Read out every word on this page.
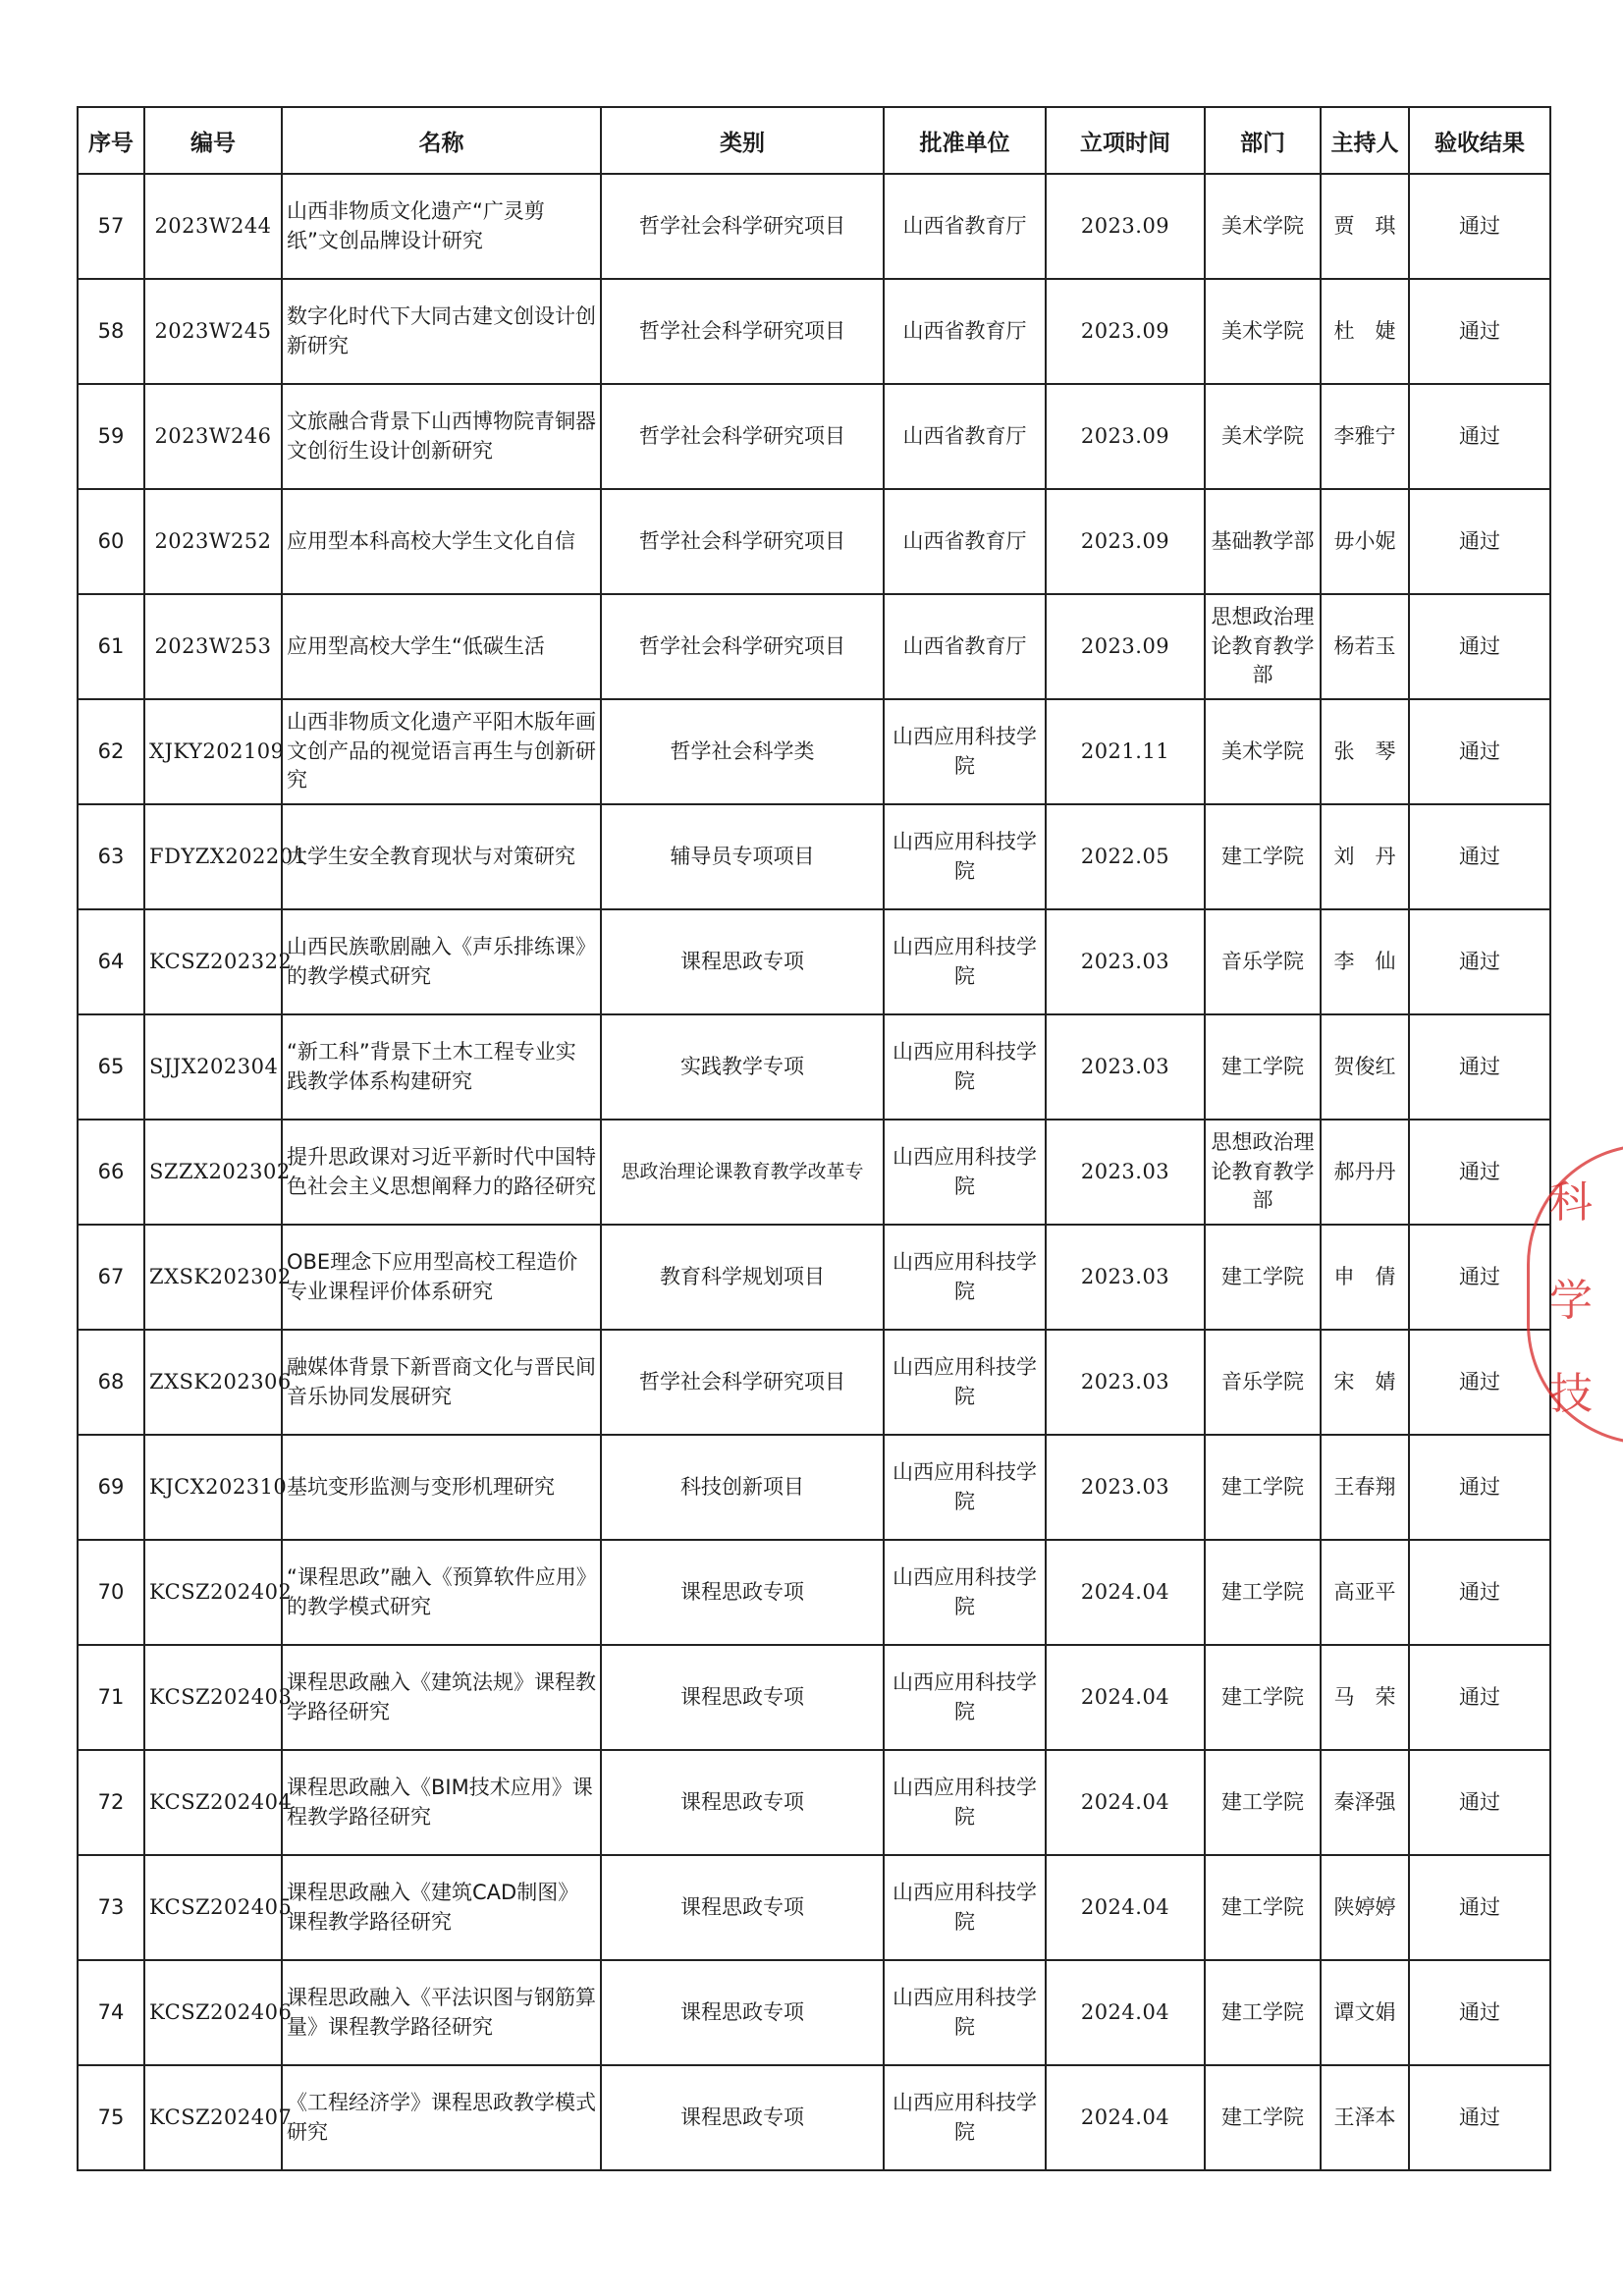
序号	编号	名称	类别	批准单位	立项时间	部门	主持人	验收结果
57	2023W244	山西非物质文化遗产“广灵剪纸”文创品牌设计研究	哲学社会科学研究项目	山西省教育厅	2023.09	美术学院	贾　琪	通过
58	2023W245	数字化时代下大同古建文创设计创新研究	哲学社会科学研究项目	山西省教育厅	2023.09	美术学院	杜　婕	通过
59	2023W246	文旅融合背景下山西博物院青铜器文创衍生设计创新研究	哲学社会科学研究项目	山西省教育厅	2023.09	美术学院	李雅宁	通过
60	2023W252	应用型本科高校大学生文化自信	哲学社会科学研究项目	山西省教育厅	2023.09	基础教学部	毋小妮	通过
61	2023W253	应用型高校大学生“低碳生活	哲学社会科学研究项目	山西省教育厅	2023.09	思想政治理论教育教学部	杨若玉	通过
62	XJKY202109	山西非物质文化遗产平阳木版年画文创产品的视觉语言再生与创新研究	哲学社会科学类	山西应用科技学院	2021.11	美术学院	张　琴	通过
63	FDYZX202201	大学生安全教育现状与对策研究	辅导员专项项目	山西应用科技学院	2022.05	建工学院	刘　丹	通过
64	KCSZ202322	山西民族歌剧融入《声乐排练课》的教学模式研究	课程思政专项	山西应用科技学院	2023.03	音乐学院	李　仙	通过
65	SJJX202304	“新工科”背景下土木工程专业实践教学体系构建研究	实践教学专项	山西应用科技学院	2023.03	建工学院	贺俊红	通过
66	SZZX202302	提升思政课对习近平新时代中国特色社会主义思想阐释力的路径研究	思政治理论课教育教学改革专	山西应用科技学院	2023.03	思想政治理论教育教学部	郝丹丹	通过
67	ZXSK202302	OBE理念下应用型高校工程造价专业课程评价体系研究	教育科学规划项目	山西应用科技学院	2023.03	建工学院	申　倩	通过
68	ZXSK202306	融媒体背景下新晋商文化与晋民间音乐协同发展研究	哲学社会科学研究项目	山西应用科技学院	2023.03	音乐学院	宋　婧	通过
69	KJCX202310	基坑变形监测与变形机理研究	科技创新项目	山西应用科技学院	2023.03	建工学院	王春翔	通过
70	KCSZ202402	“课程思政”融入《预算软件应用》的教学模式研究	课程思政专项	山西应用科技学院	2024.04	建工学院	高亚平	通过
71	KCSZ202403	课程思政融入《建筑法规》课程教学路径研究	课程思政专项	山西应用科技学院	2024.04	建工学院	马　荣	通过
72	KCSZ202404	课程思政融入《BIM技术应用》课程教学路径研究	课程思政专项	山西应用科技学院	2024.04	建工学院	秦泽强	通过
73	KCSZ202405	课程思政融入《建筑CAD制图》课程教学路径研究	课程思政专项	山西应用科技学院	2024.04	建工学院	陕婷婷	通过
74	KCSZ202406	课程思政融入《平法识图与钢筋算量》课程教学路径研究	课程思政专项	山西应用科技学院	2024.04	建工学院	谭文娟	通过
75	KCSZ202407	《工程经济学》课程思政教学模式研究	课程思政专项	山西应用科技学院	2024.04	建工学院	王泽本	通过
科
学
技
